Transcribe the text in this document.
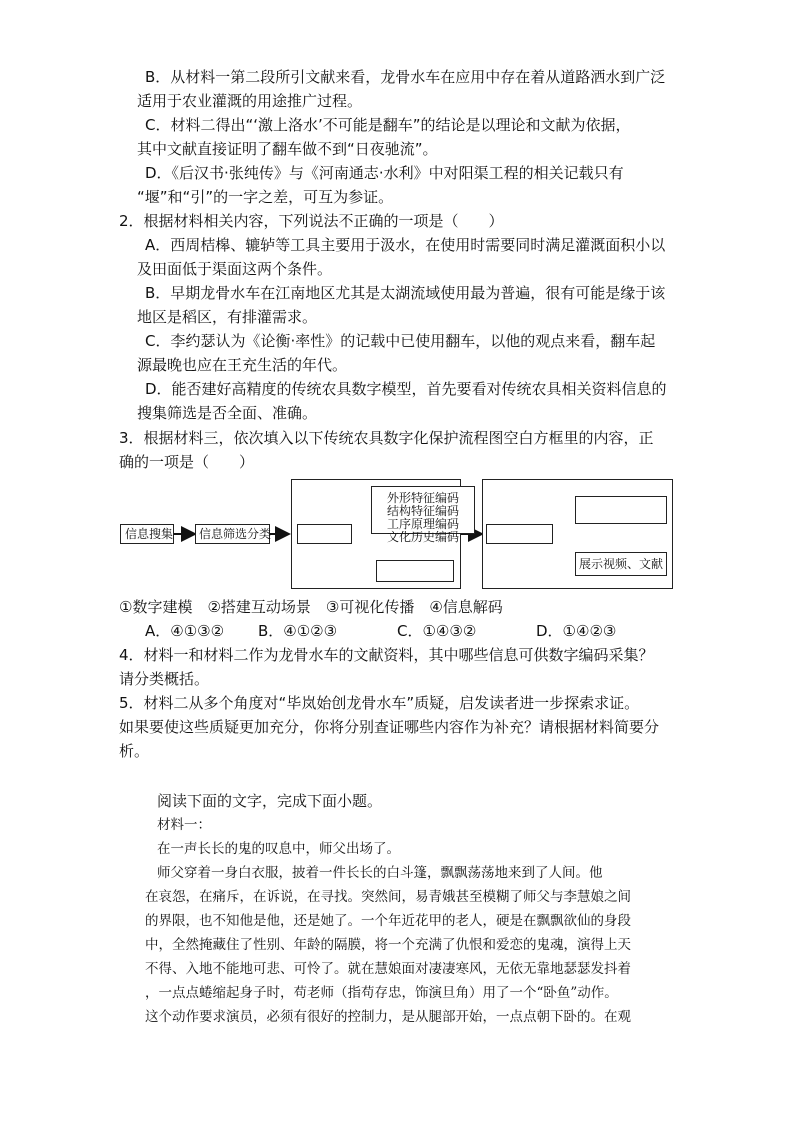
B．从材料一第二段所引文献来看，龙骨水车在应用中存在着从道路洒水到广泛
适用于农业灌溉的用途推广过程。
C．材料二得出“‘激上洛水’不可能是翻车”的结论是以理论和文献为依据，
其中文献直接证明了翻车做不到“日夜驰流”。
D．《后汉书·张纯传》与《河南通志·水利》中对阳渠工程的相关记载只有
“堰”和“引”的一字之差，可互为参证。
2．根据材料相关内容，下列说法不正确的一项是（　　）
A．西周桔槔、辘轳等工具主要用于汲水，在使用时需要同时满足灌溉面积小以
及田面低于渠面这两个条件。
B．早期龙骨水车在江南地区尤其是太湖流域使用最为普遍，很有可能是缘于该
地区是稻区，有排灌需求。
C．李约瑟认为《论衡·率性》的记载中已使用翻车，以他的观点来看，翻车起
源最晚也应在王充生活的年代。
D．能否建好高精度的传统农具数字模型，首先要看对传统农具相关资料信息的
搜集筛选是否全面、准确。
3．根据材料三，依次填入以下传统农具数字化保护流程图空白方框里的内容，正
确的一项是（　　）
信息搜集 信息筛选分类
外形特征编码
结构特征编码
工序原理编码
文化历史编码
展示视频、文献
①数字建模　②搭建互动场景　③可视化传播　④信息解码
A．④①③② B．④①②③	C．①④③②	D．①④②③
4．材料一和材料二作为龙骨水车的文献资料，其中哪些信息可供数字编码采集？
请分类概括。
5．材料二从多个角度对“毕岚始创龙骨水车”质疑，启发读者进一步探索求证。
如果要使这些质疑更加充分，你将分别查证哪些内容作为补充？请根据材料简要分
析。
阅读下面的文字，完成下面小题。
材料一：
在一声长长的鬼的叹息中，师父出场了。
师父穿着一身白衣服，披着一件长长的白斗篷，飘飘荡荡地来到了人间。他
在哀怨，在痛斥，在诉说，在寻找。突然间，易青娥甚至模糊了师父与李慧娘之间
的界限，也不知他是他，还是她了。一个年近花甲的老人，硬是在飘飘欲仙的身段
中，全然掩藏住了性别、年龄的隔膜，将一个充满了仇恨和爱恋的鬼魂，演得上天
不得、入地不能地可悲、可怜了。就在慧娘面对凄凄寒风，无依无靠地瑟瑟发抖着
，一点点蜷缩起身子时，苟老师（指苟存忠，饰演旦角）用了一个“卧鱼”动作。
这个动作要求演员，必须有很好的控制力，是从腿部开始，一点点朝下卧的。在观
